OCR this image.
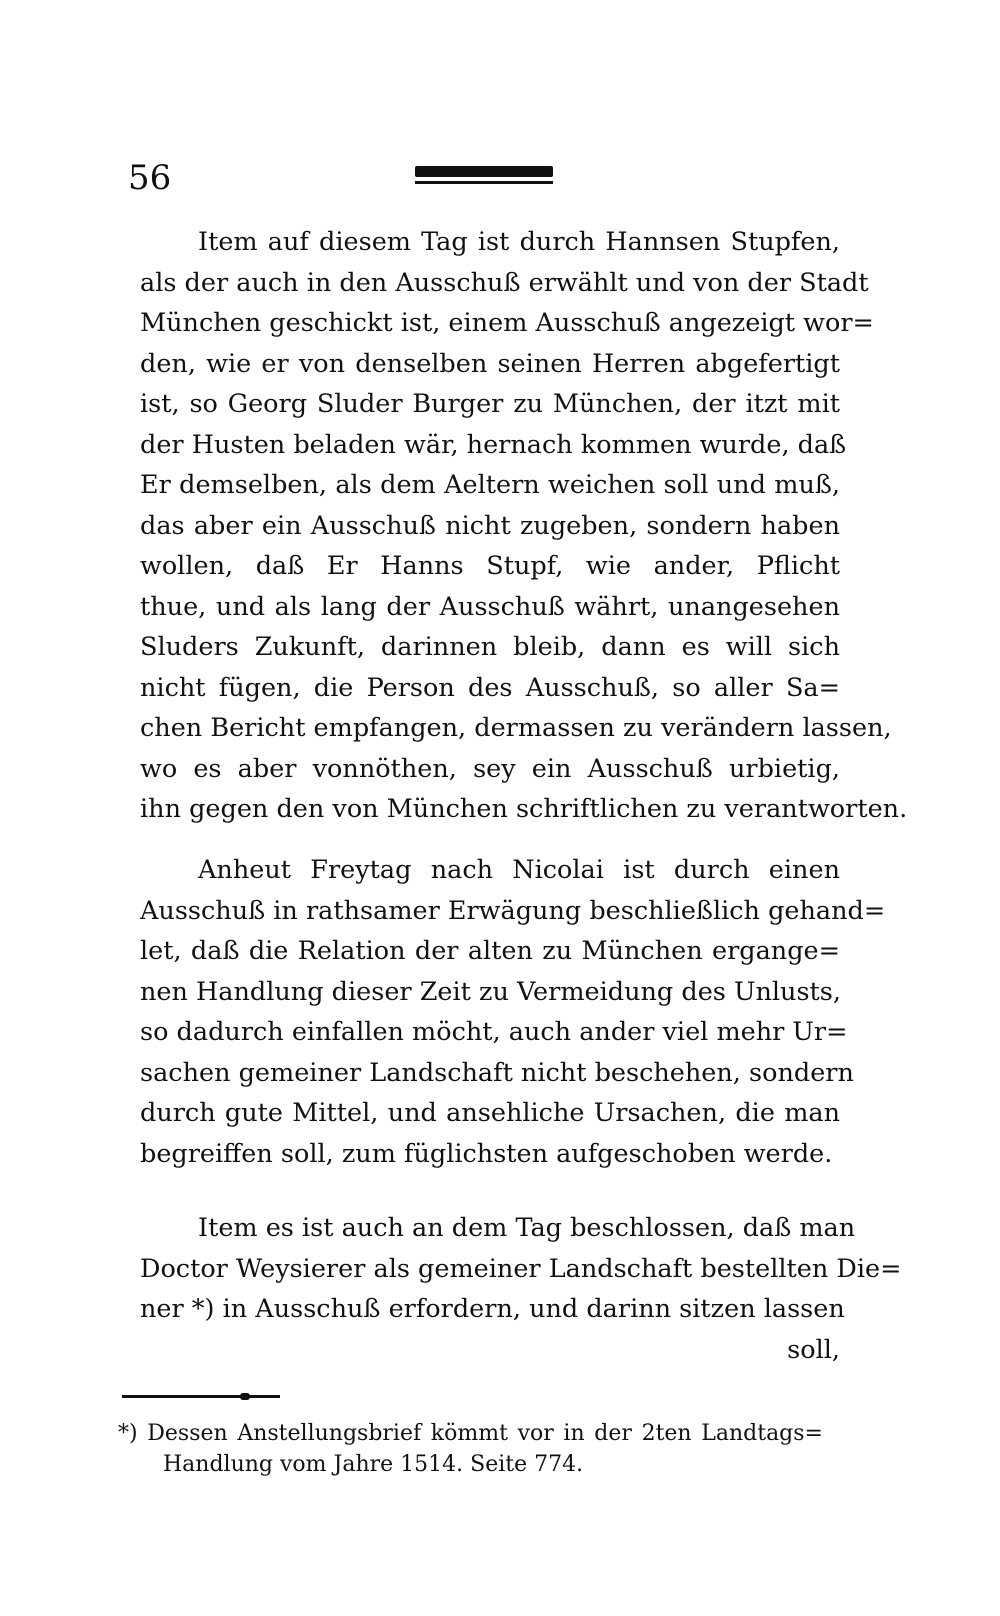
56
Item auf diesem Tag ist durch Hannsen Stupfen,
als der auch in den Ausschuß erwählt und von der Stadt
München geschickt ist, einem Ausschuß angezeigt wor=
den, wie er von denselben seinen Herren abgefertigt
ist, so Georg Sluder Burger zu München, der itzt mit
der Husten beladen wär, hernach kommen wurde, daß
Er demselben, als dem Aeltern weichen soll und muß,
das aber ein Ausschuß nicht zugeben, sondern haben
wollen, daß Er Hanns Stupf, wie ander, Pflicht
thue, und als lang der Ausschuß währt, unangesehen
Sluders Zukunft, darinnen bleib, dann es will sich
nicht fügen, die Person des Ausschuß, so aller Sa=
chen Bericht empfangen, dermassen zu verändern lassen,
wo es aber vonnöthen, sey ein Ausschuß urbietig,
ihn gegen den von München schriftlichen zu verantworten.
Anheut Freytag nach Nicolai ist durch einen
Ausschuß in rathsamer Erwägung beschließlich gehand=
let, daß die Relation der alten zu München ergange=
nen Handlung dieser Zeit zu Vermeidung des Unlusts,
so dadurch einfallen möcht, auch ander viel mehr Ur=
sachen gemeiner Landschaft nicht beschehen, sondern
durch gute Mittel, und ansehliche Ursachen, die man
begreiffen soll, zum füglichsten aufgeschoben werde.
Item es ist auch an dem Tag beschlossen, daß man
Doctor Weysierer als gemeiner Landschaft bestellten Die=
ner *) in Ausschuß erfordern, und darinn sitzen lassen
soll,
*) Dessen Anstellungsbrief kömmt vor in der 2ten Landtags=
Handlung vom Jahre 1514. Seite 774.
